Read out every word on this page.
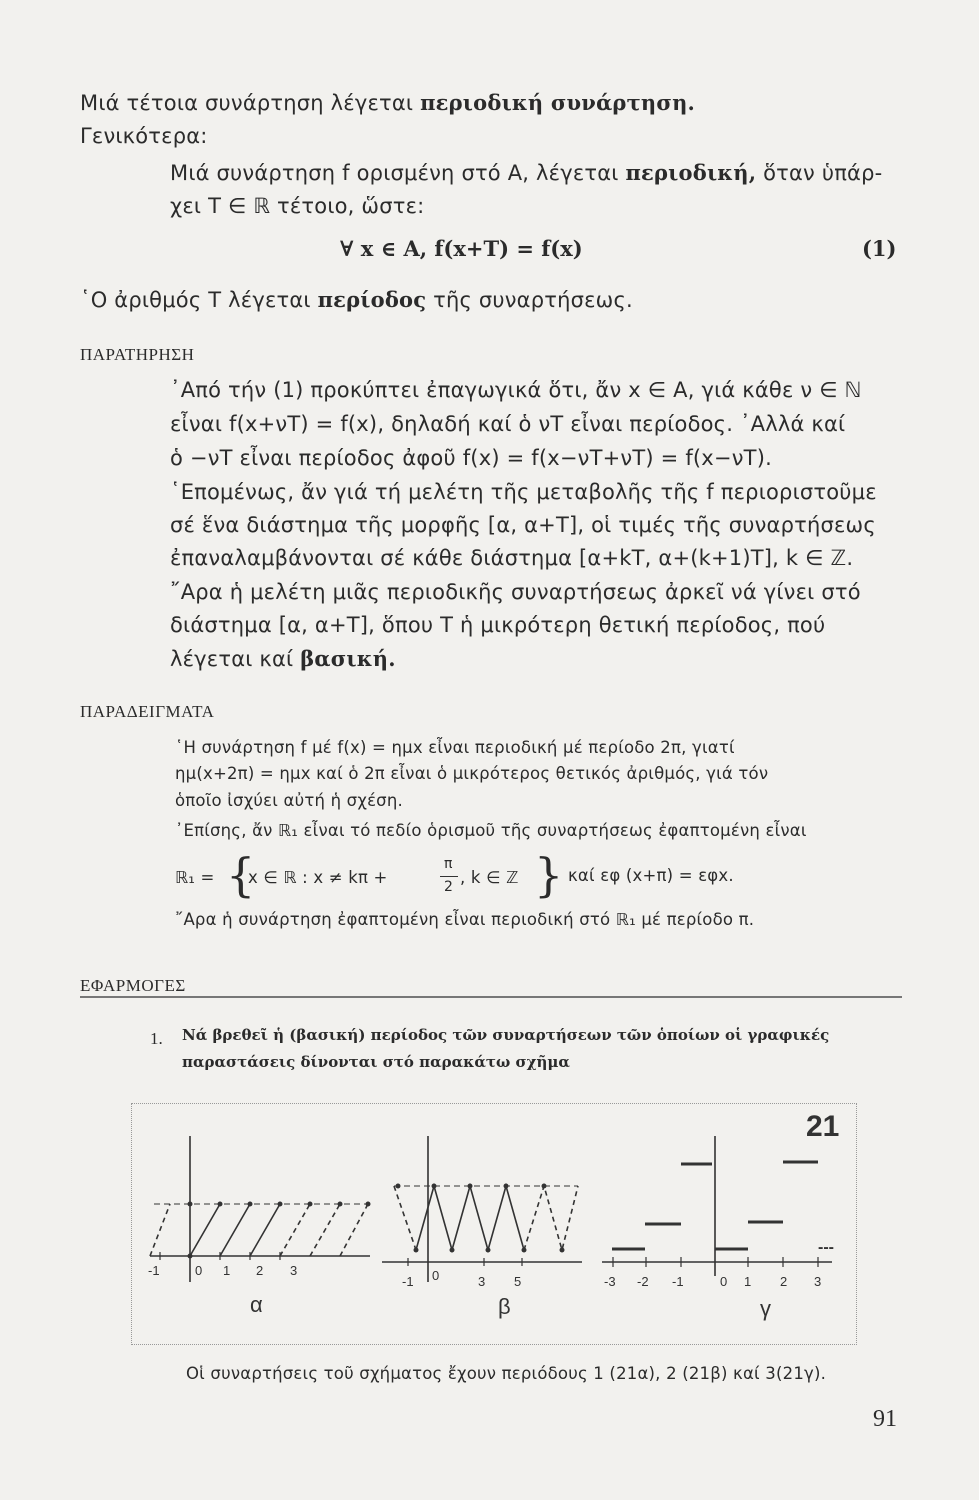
Μιά τέτοια συνάρτηση λέγεται περιοδική συνάρτηση.
Γενικότερα:
Μιά συνάρτηση f ορισμένη στό Α, λέγεται περιοδική, ὅταν ὑπάρ-
χει Τ ∈ ℝ τέτοιο, ὥστε:
∀ x ∈ A, f(x+T) = f(x)	(1)
῾Ο ἀριθμός Τ λέγεται περίοδος τῆς συναρτήσεως.
ΠΑΡΑΤΗΡΗΣΗ
᾿Από τήν (1) προκύπτει ἐπαγωγικά ὅτι, ἄν x ∈ A, γιά κάθε ν ∈ ℕ
εἶναι f(x+νT) = f(x), δηλαδή καί ὁ νT εἶναι περίοδος. ᾿Αλλά καί
ὁ −νT εἶναι περίοδος ἀφοῦ f(x) = f(x−νT+νT) = f(x−νT).
῾Επομένως, ἄν γιά τή μελέτη τῆς μεταβολῆς τῆς f περιοριστοῦμε
σέ ἕνα διάστημα τῆς μορφῆς [α, α+T], οἱ τιμές τῆς συναρτήσεως
ἐπαναλαμβάνονται σέ κάθε διάστημα [α+kT, α+(k+1)T], k ∈ ℤ.
῎Αρα ἡ μελέτη μιᾶς περιοδικῆς συναρτήσεως ἀρκεῖ νά γίνει στό
διάστημα [α, α+T], ὅπου Τ ἡ μικρότερη θετική περίοδος, πού
λέγεται καί βασική.
ΠΑΡΑΔΕΙΓΜΑΤΑ
῾Η συνάρτηση f μέ f(x) = ημx εἶναι περιοδική μέ περίοδο 2π, γιατί
ημ(x+2π) = ημx καί ὁ 2π εἶναι ὁ μικρότερος θετικός ἀριθμός, γιά τόν
ὁποῖο ἰσχύει αὐτή ἡ σχέση.
᾿Επίσης, ἄν ℝ₁ εἶναι τό πεδίο ὁρισμοῦ τῆς συναρτήσεως ἐφαπτομένη εἶναι
ℝ₁ = {
x ∈ ℝ : x ≠ kπ +
π
2 , k ∈ ℤ } καί εφ (x+π) = εφx.
῎Αρα ἡ συνάρτηση ἐφαπτομένη εἶναι περιοδική στό ℝ₁ μέ περίοδο π.
ΕΦΑΡΜΟΓΕΣ
1. Νά βρεθεῖ ἡ (βασική) περίοδος τῶν συναρτήσεων τῶν ὁποίων οἱ γραφικές
παραστάσεις δίνονται στό παρακάτω σχῆμα
21
-1	0 1 2 3
α
-1 0	3 5
β
-3 -2 -1	0 1 2 3
---
γ
Οἱ συναρτήσεις τοῦ σχήματος ἔχουν περιόδους 1 (21α), 2 (21β) καί 3(21γ).
91
